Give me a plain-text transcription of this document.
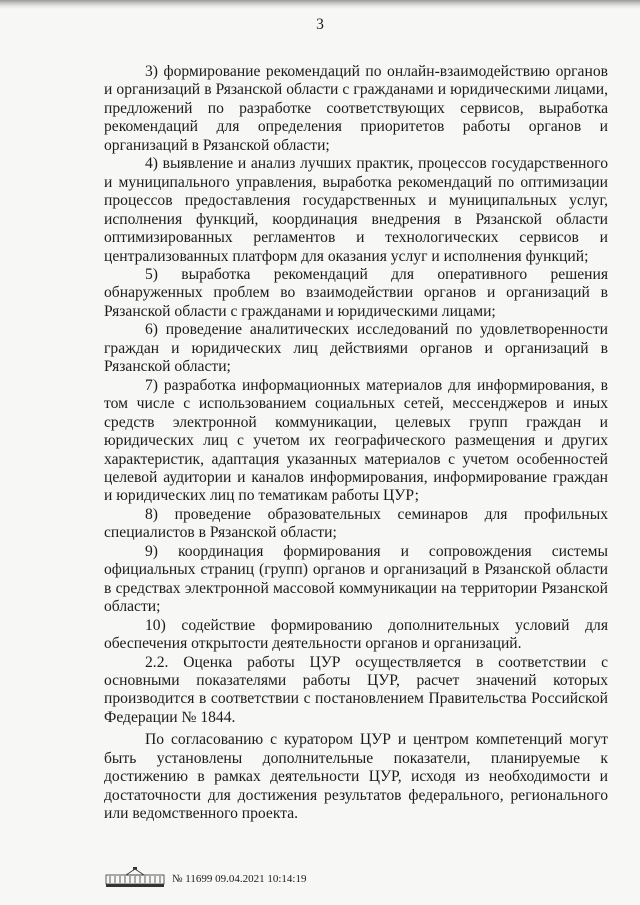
3

3) формирование рекомендаций по онлайн-взаимодействию органов и организаций в Рязанской области с гражданами и юридическими лицами, предложений по разработке соответствующих сервисов, выработка рекомендаций для определения приоритетов работы органов и организаций в Рязанской области;

4) выявление и анализ лучших практик, процессов государственного и муниципального управления, выработка рекомендаций по оптимизации процессов предоставления государственных и муниципальных услуг, исполнения функций, координация внедрения в Рязанской области оптимизированных регламентов и технологических сервисов и централизованных платформ для оказания услуг и исполнения функций;

5) выработка рекомендаций для оперативного решения обнаруженных проблем во взаимодействии органов и организаций в Рязанской области с гражданами и юридическими лицами;

6) проведение аналитических исследований по удовлетворенности граждан и юридических лиц действиями органов и организаций в Рязанской области;

7) разработка информационных материалов для информирования, в том числе с использованием социальных сетей, мессенджеров и иных средств электронной коммуникации, целевых групп граждан и юридических лиц с учетом их географического размещения и других характеристик, адаптация указанных материалов с учетом особенностей целевой аудитории и каналов информирования, информирование граждан и юридических лиц по тематикам работы ЦУР;

8) проведение образовательных семинаров для профильных специалистов в Рязанской области;

9) координация формирования и сопровождения системы официальных страниц (групп) органов и организаций в Рязанской области в средствах электронной массовой коммуникации на территории Рязанской области;

10) содействие формированию дополнительных условий для обеспечения открытости деятельности органов и организаций.

2.2. Оценка работы ЦУР осуществляется в соответствии с основными показателями работы ЦУР, расчет значений которых производится в соответствии с постановлением Правительства Российской Федерации № 1844.

По согласованию с куратором ЦУР и центром компетенций могут быть установлены дополнительные показатели, планируемые к достижению в рамках деятельности ЦУР, исходя из необходимости и достаточности для достижения результатов федерального, регионального или ведомственного проекта.

№ 11699 09.04.2021 10:14:19
